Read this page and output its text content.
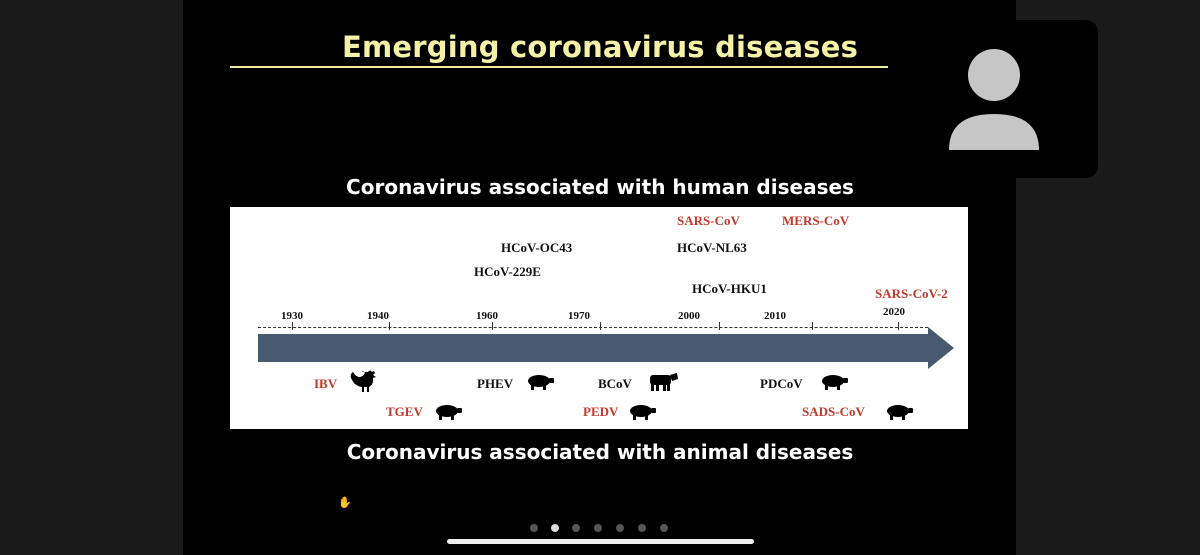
Emerging coronavirus diseases
Coronavirus associated with human diseases
SARS-CoV	MERS-CoV
HCoV-OC43	HCoV-NL63
HCoV-229E
HCoV-HKU1	SARS-CoV-2
1930	1940	1960	1970	2000	2010	2020
IBV	PHEV	BCoV	PDCoV
TGEV	PEDV	SADS-CoV
Coronavirus associated with animal diseases
✋
